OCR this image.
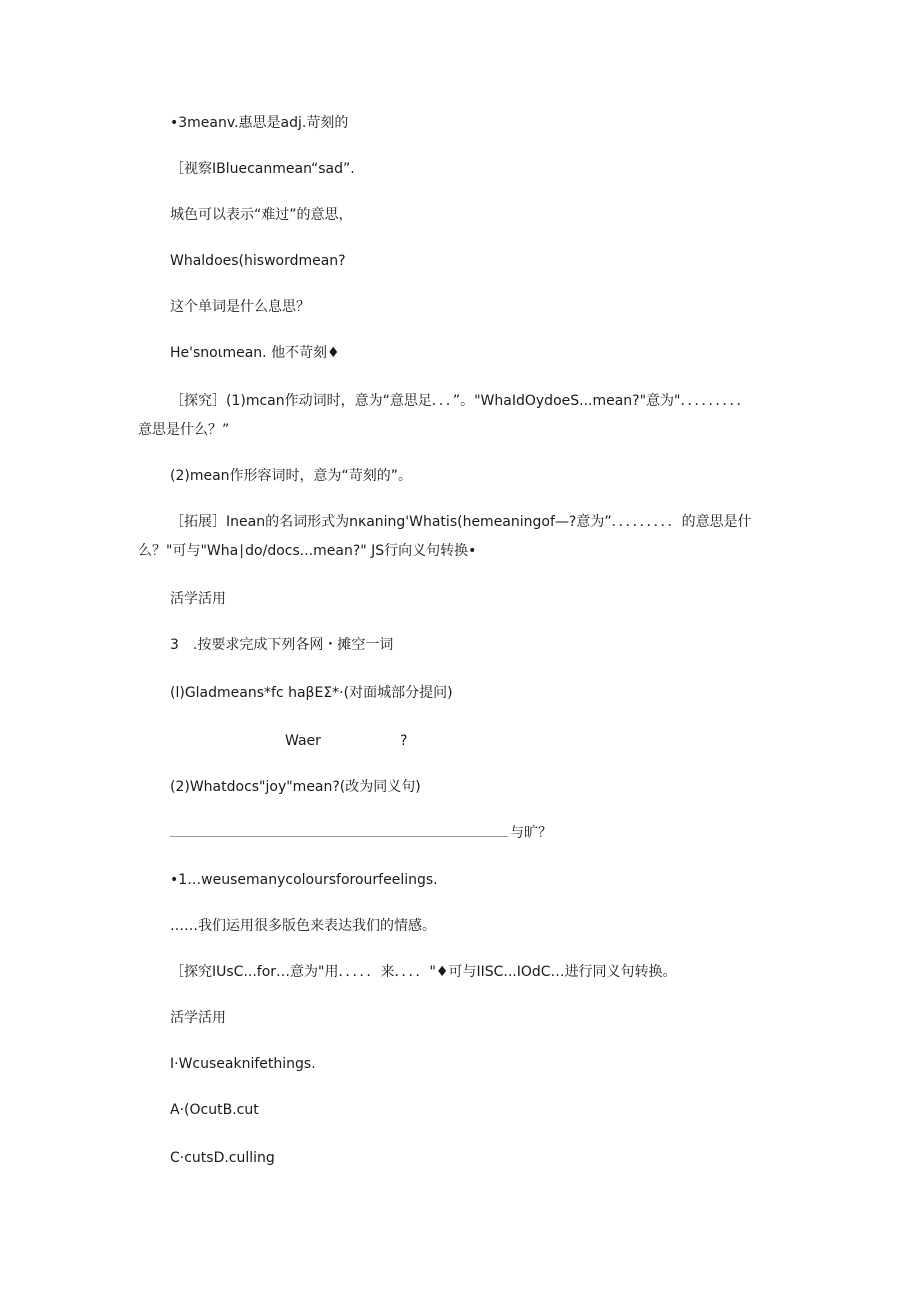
•3meanv.惠思是adj.苛刻的
［视察IBluecanmean“sad”.
城色可以表示“难过”的意思，
Whaldoes(hiswordmean?
这个单词是什么息思？
He'snoιmean. 他不苛刻♦
［探究］(1)mcan作动词时，意为“意思足．．．”。"WhaIdOydoeS...mean?"意为"．．．．．．．．．
意思是什么？”
(2)mean作形容词时，意为“苛刻的”。
［拓展］Inean的名词形式为nκaning'Whatis(hemeaningof—?意为”．．．．．．．．．的意思是什
么？"可与"Wha∣do/docs...mean?" JS行向义句转换•
活学活用
3　.按要求完成下列各网・摊空一词
(l)Gladmeans*fc haβEΣ*·(对面城部分提问)
Waer	?
(2)Whatdocs"joy"mean?(改为同义句)
与旷？
•1…weusemanycoloursforourfeelings.
……我们运用很多版色来表达我们的情感。
［探究IUsC...for…意为"用．．．．．来．．．．"♦可与IISC...IOdC…进行同义句转换。
活学活用
I·Wcuseaknifethings.
A·(OcutB.cut
C·cutsD.culling
